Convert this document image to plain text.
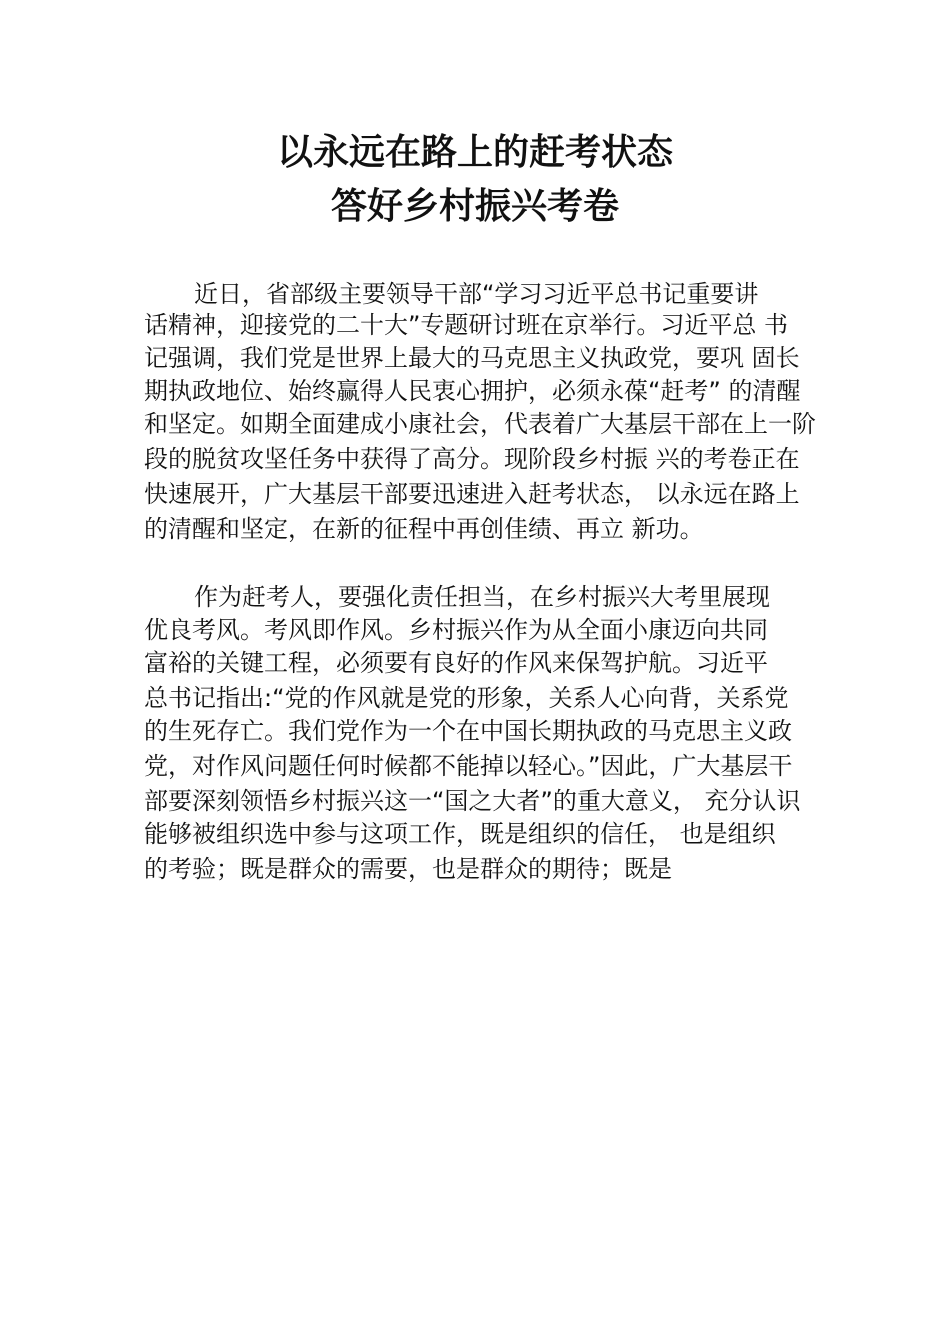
以永远在路上的赶考状态
答好乡村振兴考卷
近日，省部级主要领导干部“学习习近平总书记重要讲
话精神，迎接党的二十大”专题研讨班在京举行。习近平总 书
记强调，我们党是世界上最大的马克思主义执政党，要巩 固长
期执政地位、始终赢得人民衷心拥护，必须永葆“赶考” 的清醒
和坚定。如期全面建成小康社会，代表着广大基层干部在上一阶
段的脱贫攻坚任务中获得了高分。现阶段乡村振 兴的考卷正在
快速展开，广大基层干部要迅速进入赶考状态， 以永远在路上
的清醒和坚定，在新的征程中再创佳绩、再立 新功。
作为赶考人，要强化责任担当，在乡村振兴大考里展现
优良考风。考风即作风。乡村振兴作为从全面小康迈向共同
富裕的关键工程，必须要有良好的作风来保驾护航。习近平
总书记指出:“党的作风就是党的形象，关系人心向背，关系党
的生死存亡。我们党作为一个在中国长期执政的马克思主义政
党，对作风问题任何时候都不能掉以轻心。”因此，广大基层干
部要深刻领悟乡村振兴这一“国之大者”的重大意义， 充分认识
能够被组织选中参与这项工作，既是组织的信任， 也是组织
的考验；既是群众的需要，也是群众的期待；既是
